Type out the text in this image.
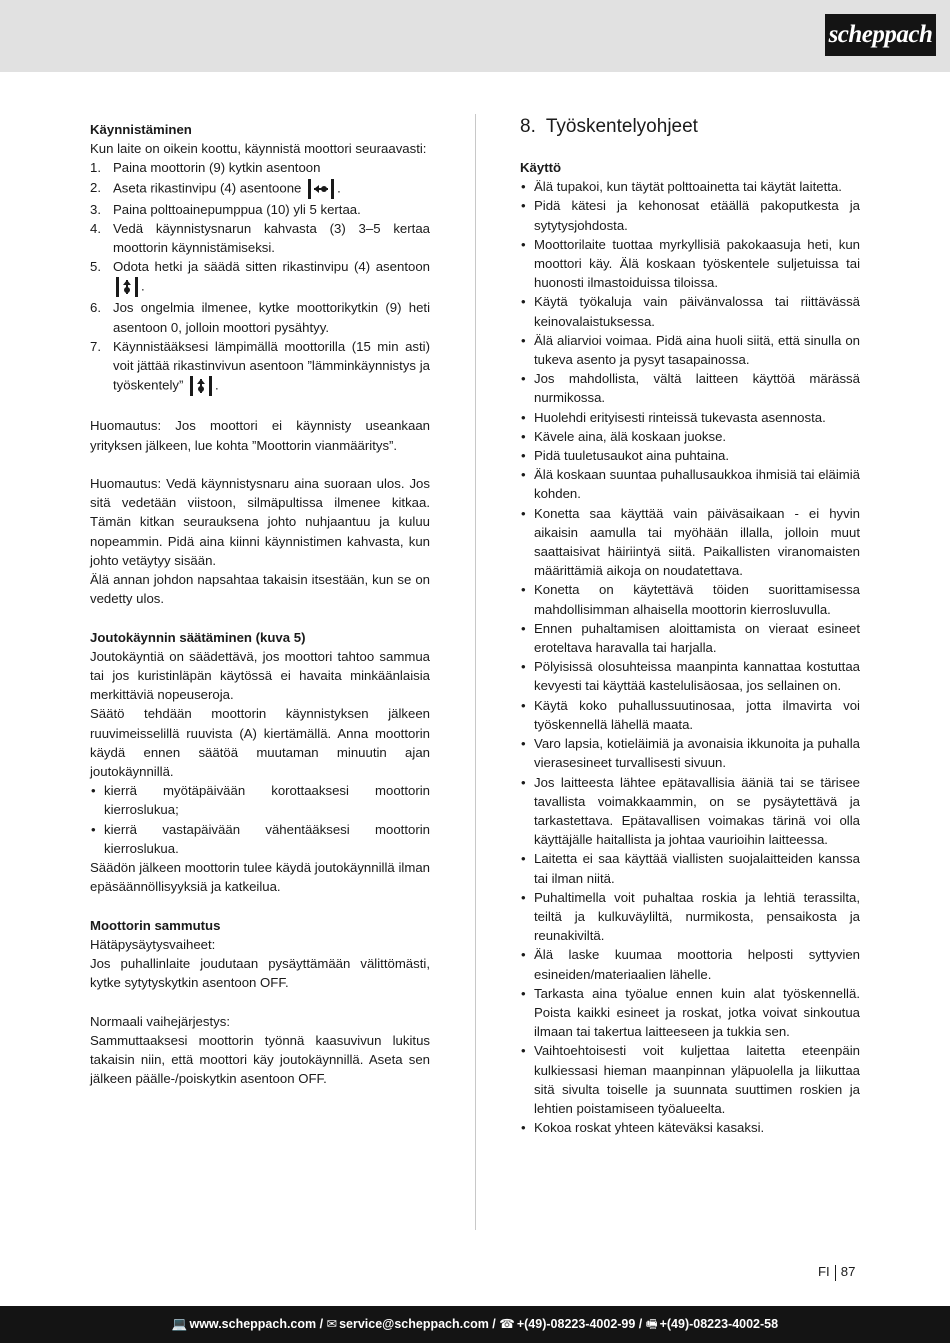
scheppach

Käynnistäminen

Kun laite on oikein koottu, käynnistä moottori seuraavasti:

1. Paina moottorin (9) kytkin asentoon
2. Aseta rikastinvipu (4) asentoone	.
3. Paina polttoainepumppua (10) yli 5 kertaa.
4. Vedä käynnistysnarun kahvasta (3) 3–5 kertaa moottorin käynnistämiseksi.
5. Odota hetki ja säädä sitten rikastinvipu (4) asentoon .
6. Jos ongelmia ilmenee, kytke moottorikytkin (9) heti asentoon 0, jolloin moottori pysähtyy.
7. Käynnistääksesi lämpimällä moottorilla (15 min asti) voit jättää rikastinvivun asentoon ”lämminkäynnistys ja työskentely” .

Huomautus: Jos moottori ei käynnisty useankaan yrityksen jälkeen, lue kohta ”Moottorin vianmääritys”.

Huomautus: Vedä käynnistysnaru aina suoraan ulos. Jos sitä vedetään viistoon, silmäpultissa ilmenee kitkaa. Tämän kitkan seurauksena johto nuhjaantuu ja kuluu nopeammin. Pidä aina kiinni käynnistimen kahvasta, kun johto vetäytyy sisään.

Älä annan johdon napsahtaa takaisin itsestään, kun se on vedetty ulos.

Joutokäynnin säätäminen (kuva 5)

Joutokäyntiä on säädettävä, jos moottori tahtoo sammua tai jos kuristinläpän käytössä ei havaita minkäänlaisia merkittäviä nopeuseroja.

Säätö tehdään moottorin käynnistyksen jälkeen ruuvimeisselillä ruuvista (A) kiertämällä. Anna moottorin käydä ennen säätöä muutaman minuutin ajan joutokäynnillä.

• kierrä myötäpäivään korottaaksesi moottorin kierroslukua;
• kierrä vastapäivään vähentääksesi moottorin kierroslukua.

Säädön jälkeen moottorin tulee käydä joutokäynnillä ilman epäsäännöllisyyksiä ja katkeilua.

Moottorin sammutus

Hätäpysäytysvaiheet:

Jos puhallinlaite joudutaan pysäyttämään välittömästi, kytke sytytyskytkin asentoon OFF.

Normaali vaihejärjestys:

Sammuttaaksesi moottorin työnnä kaasuvivun lukitus takaisin niin, että moottori käy joutokäynnillä. Aseta sen jälkeen päälle-/poiskytkin asentoon OFF.

8. Työskentelyohjeet

Käyttö

• Älä tupakoi, kun täytät polttoainetta tai käytät laitetta.
• Pidä kätesi ja kehonosat etäällä pakoputkesta ja sytytysjohdosta.
• Moottorilaite tuottaa myrkyllisiä pakokaasuja heti, kun moottori käy. Älä koskaan työskentele suljetuissa tai huonosti ilmastoiduissa tiloissa.
• Käytä työkaluja vain päivänvalossa tai riittävässä keinovalaistuksessa.
• Älä aliarvioi voimaa. Pidä aina huoli siitä, että sinulla on tukeva asento ja pysyt tasapainossa.
• Jos mahdollista, vältä laitteen käyttöä märässä nurmikossa.
• Huolehdi erityisesti rinteissä tukevasta asennosta.
• Kävele aina, älä koskaan juokse.
• Pidä tuuletusaukot aina puhtaina.
• Älä koskaan suuntaa puhallusaukkoa ihmisiä tai eläimiä kohden.
• Konetta saa käyttää vain päiväsaikaan - ei hyvin aikaisin aamulla tai myöhään illalla, jolloin muut saattaisivat häiriintyä siitä. Paikallisten viranomaisten määrittämiä aikoja on noudatettava.
• Konetta on käytettävä töiden suorittamisessa mahdollisimman alhaisella moottorin kierrosluvulla.
• Ennen puhaltamisen aloittamista on vieraat esineet eroteltava haravalla tai harjalla.
• Pölyisissä olosuhteissa maanpinta kannattaa kostuttaa kevyesti tai käyttää kastelulisäosaa, jos sellainen on.
• Käytä koko puhallussuutinosaa, jotta ilmavirta voi työskennellä lähellä maata.
• Varo lapsia, kotieläimiä ja avonaisia ikkunoita ja puhalla vierasesineet turvallisesti sivuun.
• Jos laitteesta lähtee epätavallisia ääniä tai se tärisee tavallista voimakkaammin, on se pysäytettävä ja tarkastettava. Epätavallisen voimakas tärinä voi olla käyttäjälle haitallista ja johtaa vaurioihin laitteessa.
• Laitetta ei saa käyttää viallisten suojalaitteiden kanssa tai ilman niitä.
• Puhaltimella voit puhaltaa roskia ja lehtiä terassilta, teiltä ja kulkuväyliltä, nurmikosta, pensaikosta ja reunakiviltä.
• Älä laske kuumaa moottoria helposti syttyvien esineiden/materiaalien lähelle.
• Tarkasta aina työalue ennen kuin alat työskennellä. Poista kaikki esineet ja roskat, jotka voivat sinkoutua ilmaan tai takertua laitteeseen ja tukkia sen.
• Vaihtoehtoisesti voit kuljettaa laitetta eteenpäin kulkiessasi hieman maanpinnan yläpuolella ja liikuttaa sitä sivulta toiselle ja suunnata suuttimen roskien ja lehtien poistamiseen työalueelta.
• Kokoa roskat yhteen käteväksi kasaksi.
FI 87
💻 www.scheppach.com / ✉ service@scheppach.com / ☎ +(49)-08223-4002-99 / 🖷 +(49)-08223-4002-58
